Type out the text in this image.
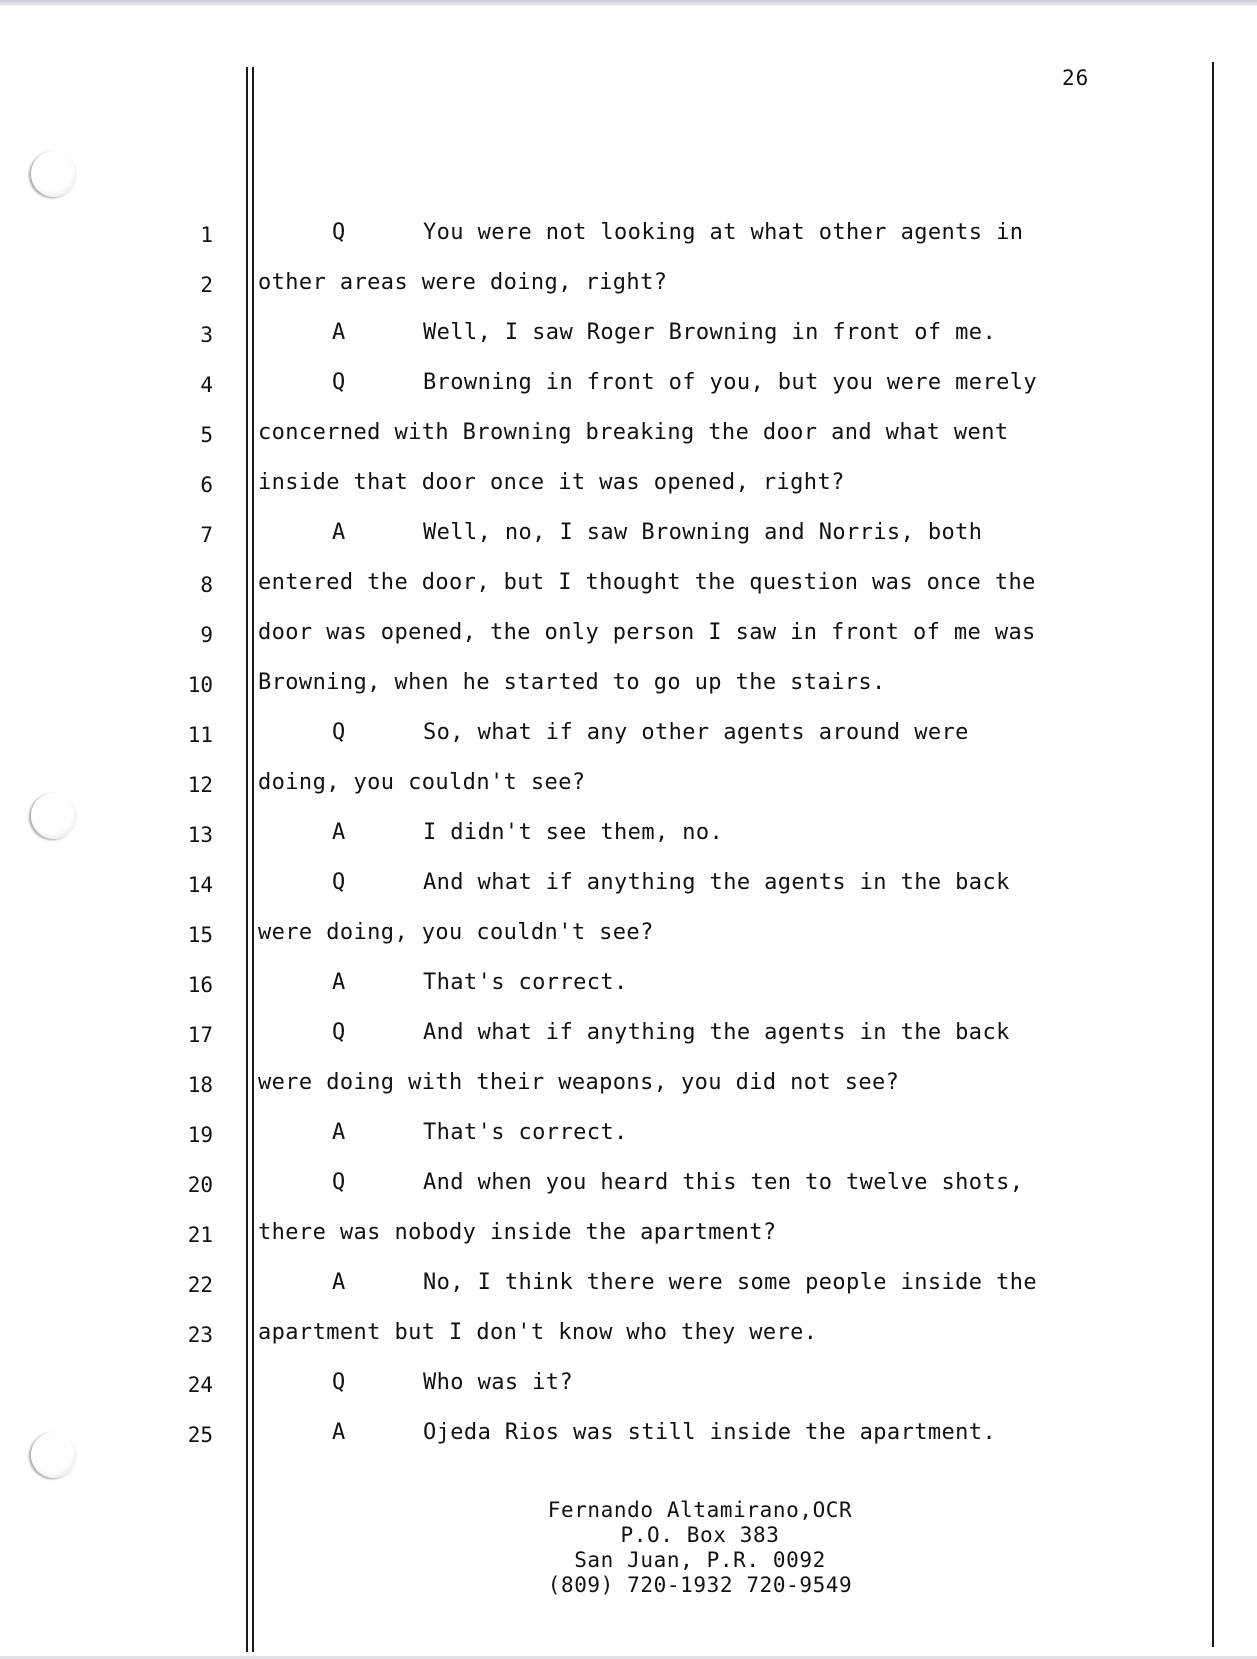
26
1	Q	You were not looking at what other agents in
2 other areas were doing, right?
3	A	Well, I saw Roger Browning in front of me.
4	Q	Browning in front of you, but you were merely
5 concerned with Browning breaking the door and what went
6 inside that door once it was opened, right?
7	A	Well, no, I saw Browning and Norris, both
8 entered the door, but I thought the question was once the
9 door was opened, the only person I saw in front of me was
10 Browning, when he started to go up the stairs.
11	Q	So, what if any other agents around were
12 doing, you couldn't see?
13	A	I didn't see them, no.
14	Q	And what if anything the agents in the back
15 were doing, you couldn't see?
16	A	That's correct.
17	Q	And what if anything the agents in the back
18 were doing with their weapons, you did not see?
19	A	That's correct.
20	Q	And when you heard this ten to twelve shots,
21 there was nobody inside the apartment?
22	A	No, I think there were some people inside the
23 apartment but I don't know who they were.
24	Q	Who was it?
25	A	Ojeda Rios was still inside the apartment.
Fernando Altamirano,OCR
P.O. Box 383
San Juan, P.R. 0092
(809) 720-1932 720-9549
